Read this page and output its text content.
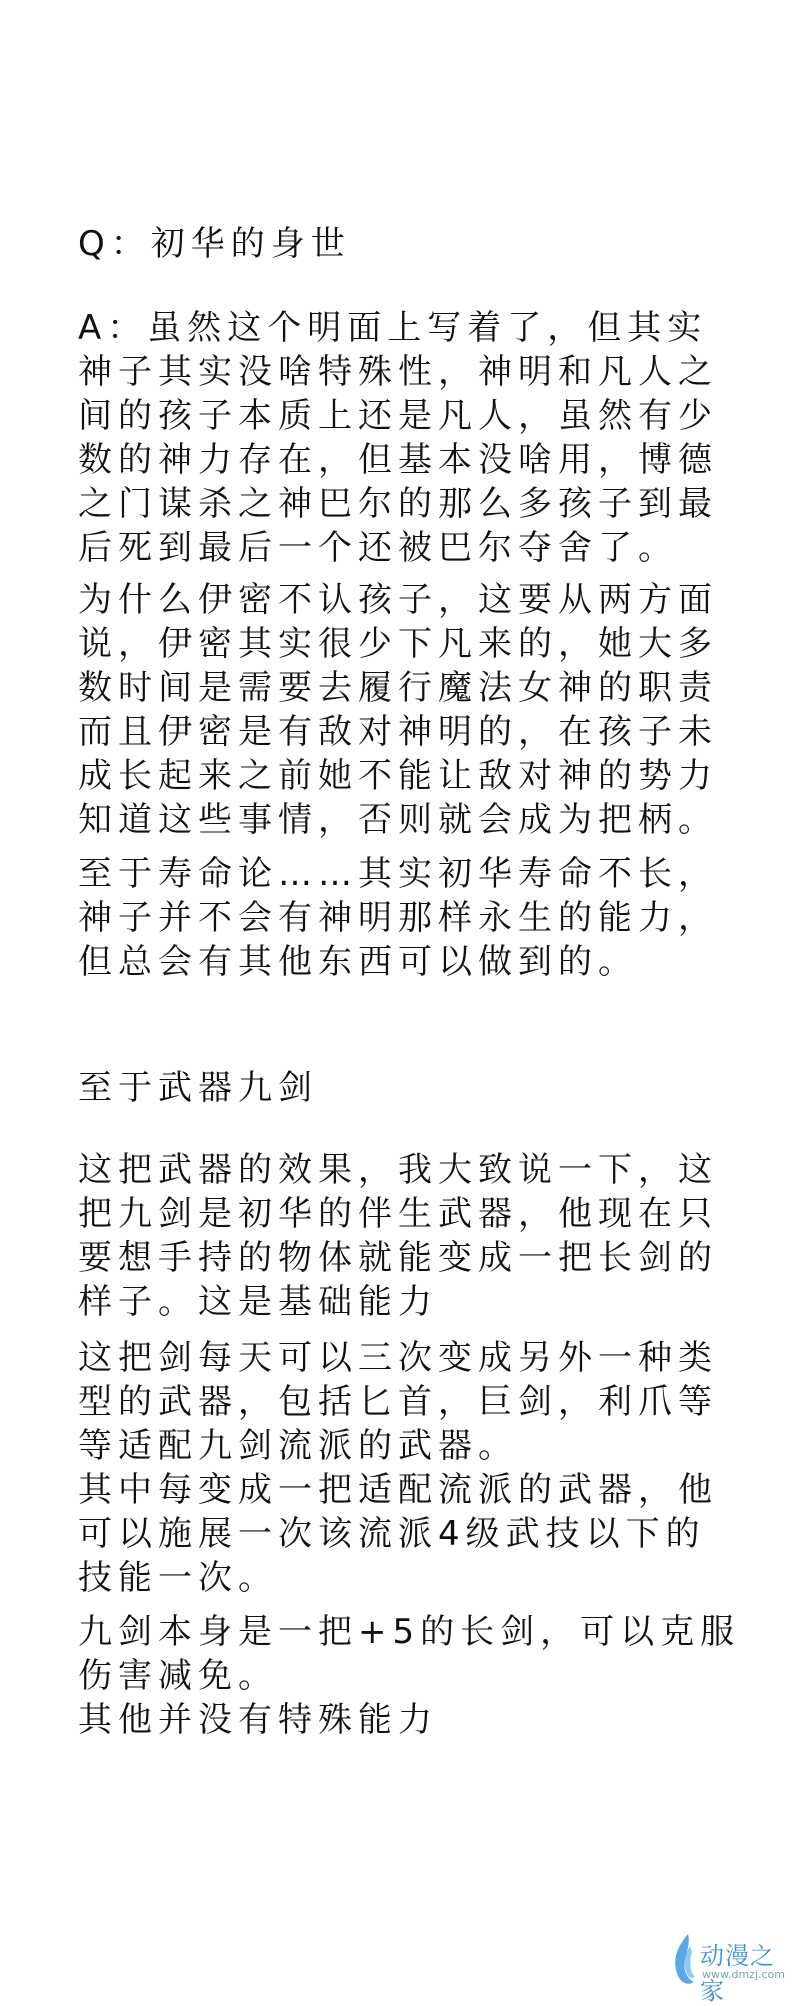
Q：初华的身世
A：虽然这个明面上写着了，但其实
神子其实没啥特殊性，神明和凡人之
间的孩子本质上还是凡人，虽然有少
数的神力存在，但基本没啥用，博德
之门谋杀之神巴尔的那么多孩子到最
后死到最后一个还被巴尔夺舍了。
为什么伊密不认孩子，这要从两方面
说，伊密其实很少下凡来的，她大多
数时间是需要去履行魔法女神的职责
而且伊密是有敌对神明的，在孩子未
成长起来之前她不能让敌对神的势力
知道这些事情，否则就会成为把柄。
至于寿命论……其实初华寿命不长，
神子并不会有神明那样永生的能力，
但总会有其他东西可以做到的。
至于武器九剑
这把武器的效果，我大致说一下，这
把九剑是初华的伴生武器，他现在只
要想手持的物体就能变成一把长剑的
样子。这是基础能力
这把剑每天可以三次变成另外一种类
型的武器，包括匕首，巨剑，利爪等
等适配九剑流派的武器。
其中每变成一把适配流派的武器，他
可以施展一次该流派4级武技以下的
技能一次。
九剑本身是一把+5的长剑，可以克服
伤害减免。
其他并没有特殊能力
动漫之家
www.dmzj.com
